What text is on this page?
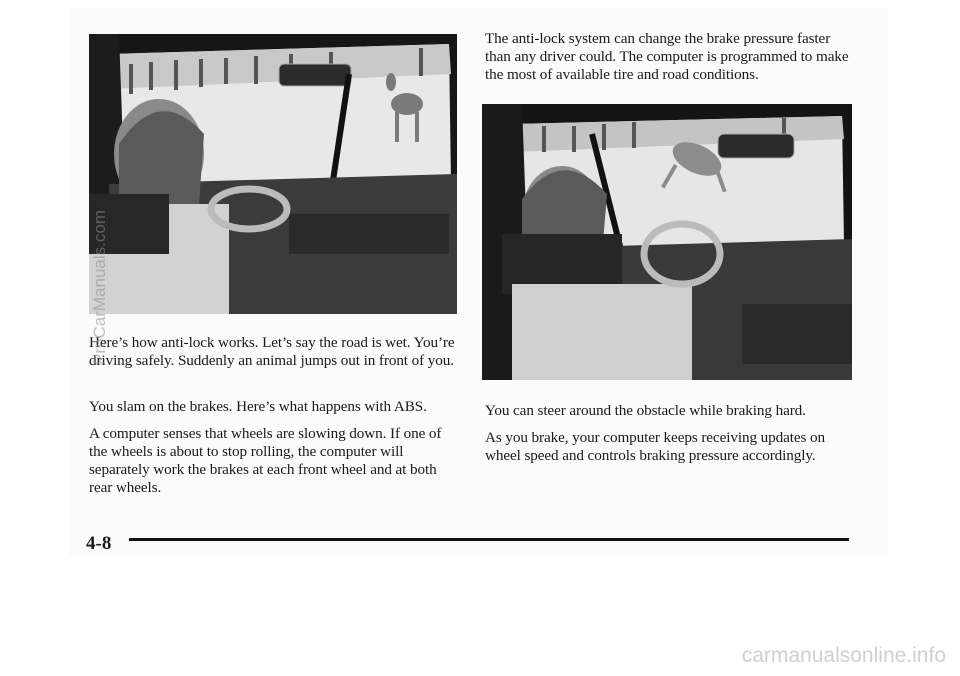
The anti-lock system can change the brake pressure faster than any driver could. The computer is programmed to make the most of available tire and road conditions.

Here’s how anti-lock works. Let’s say the road is wet. You’re driving safely. Suddenly an animal jumps out in front of you.

You slam on the brakes. Here’s what happens with ABS.

A computer senses that wheels are slowing down. If one of the wheels is about to stop rolling, the computer will separately work the brakes at each front wheel and at both rear wheels.

You can steer around the obstacle while braking hard.

As you brake, your computer keeps receiving updates on wheel speed and controls braking pressure accordingly.

4-8
ProCarManuals.com
carmanualsonline.info
